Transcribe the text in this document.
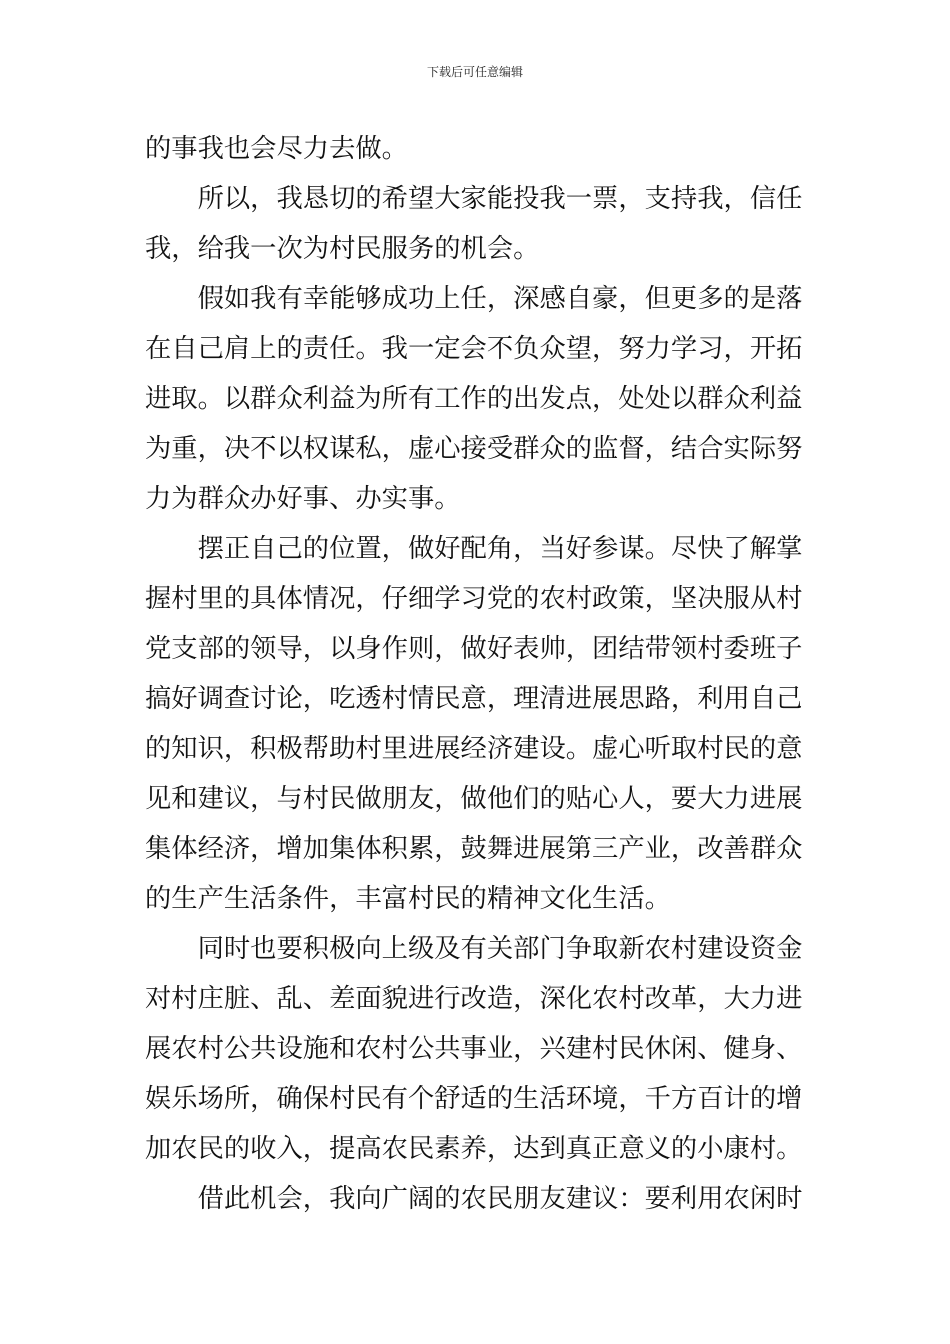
下载后可任意编辑

的事我也会尽力去做。

所以，我恳切的希望大家能投我一票，支持我，信任

我，给我一次为村民服务的机会。

假如我有幸能够成功上任，深感自豪，但更多的是落

在自己肩上的责任。我一定会不负众望，努力学习，开拓

进取。以群众利益为所有工作的出发点，处处以群众利益

为重，决不以权谋私，虚心接受群众的监督，结合实际努

力为群众办好事、办实事。

摆正自己的位置，做好配角，当好参谋。尽快了解掌

握村里的具体情况，仔细学习党的农村政策，坚决服从村

党支部的领导，以身作则，做好表帅，团结带领村委班子

搞好调查讨论，吃透村情民意，理清进展思路，利用自己

的知识，积极帮助村里进展经济建设。虚心听取村民的意

见和建议，与村民做朋友，做他们的贴心人，要大力进展

集体经济，增加集体积累，鼓舞进展第三产业，改善群众

的生产生活条件，丰富村民的精神文化生活。

同时也要积极向上级及有关部门争取新农村建设资金

对村庄脏、乱、差面貌进行改造，深化农村改革，大力进

展农村公共设施和农村公共事业，兴建村民休闲、健身、

娱乐场所，确保村民有个舒适的生活环境，千方百计的增

加农民的收入，提高农民素养，达到真正意义的小康村。

借此机会，我向广阔的农民朋友建议：要利用农闲时
